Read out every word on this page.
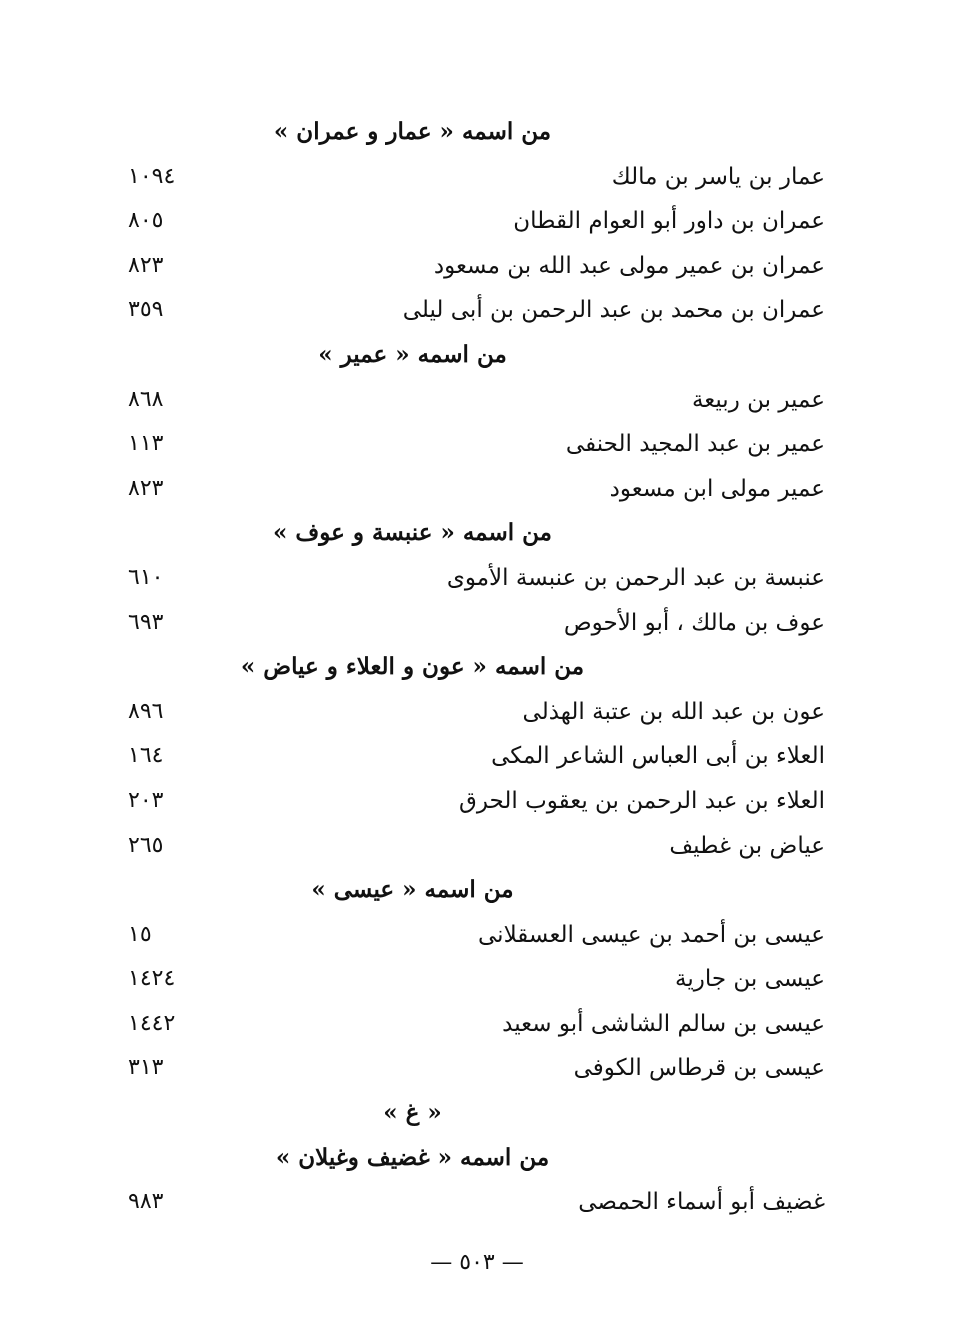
من اسمه « عمار و عمران »
عمار بن ياسر بن مالك
١٠٩٤
عمران بن داور أبو العوام القطان
٨٠٥
عمران بن عمير مولى عبد الله بن مسعود
٨٢٣
عمران بن محمد بن عبد الرحمن بن أبى ليلى
٣٥٩
من اسمه « عمير »
عمير بن ربيعة
٨٦٨
عمير بن عبد المجيد الحنفى
١١٣
عمير مولى ابن مسعود
٨٢٣
من اسمه « عنبسة و عوف »
عنبسة بن عبد الرحمن بن عنبسة الأموى
٦١٠
عوف بن مالك ، أبو الأحوص
٦٩٣
من اسمه « عون و العلاء و عياض »
عون بن عبد الله بن عتبة الهذلى
٨٩٦
العلاء بن أبى العباس الشاعر المكى
١٦٤
العلاء بن عبد الرحمن بن يعقوب الحرق
٢٠٣
عياض بن غطيف
٢٦٥
من اسمه « عيسى »
عيسى بن أحمد بن عيسى العسقلانى
١٥
عيسى بن جارية
١٤٢٤
عيسى بن سالم الشاشى أبو سعيد
١٤٤٢
عيسى بن قرطاس الكوفى
٣١٣
« غ »
من اسمه « غضيف وغيلان »
غضيف أبو أسماء الحمصى
٩٨٣
— ٥٠٣ —
